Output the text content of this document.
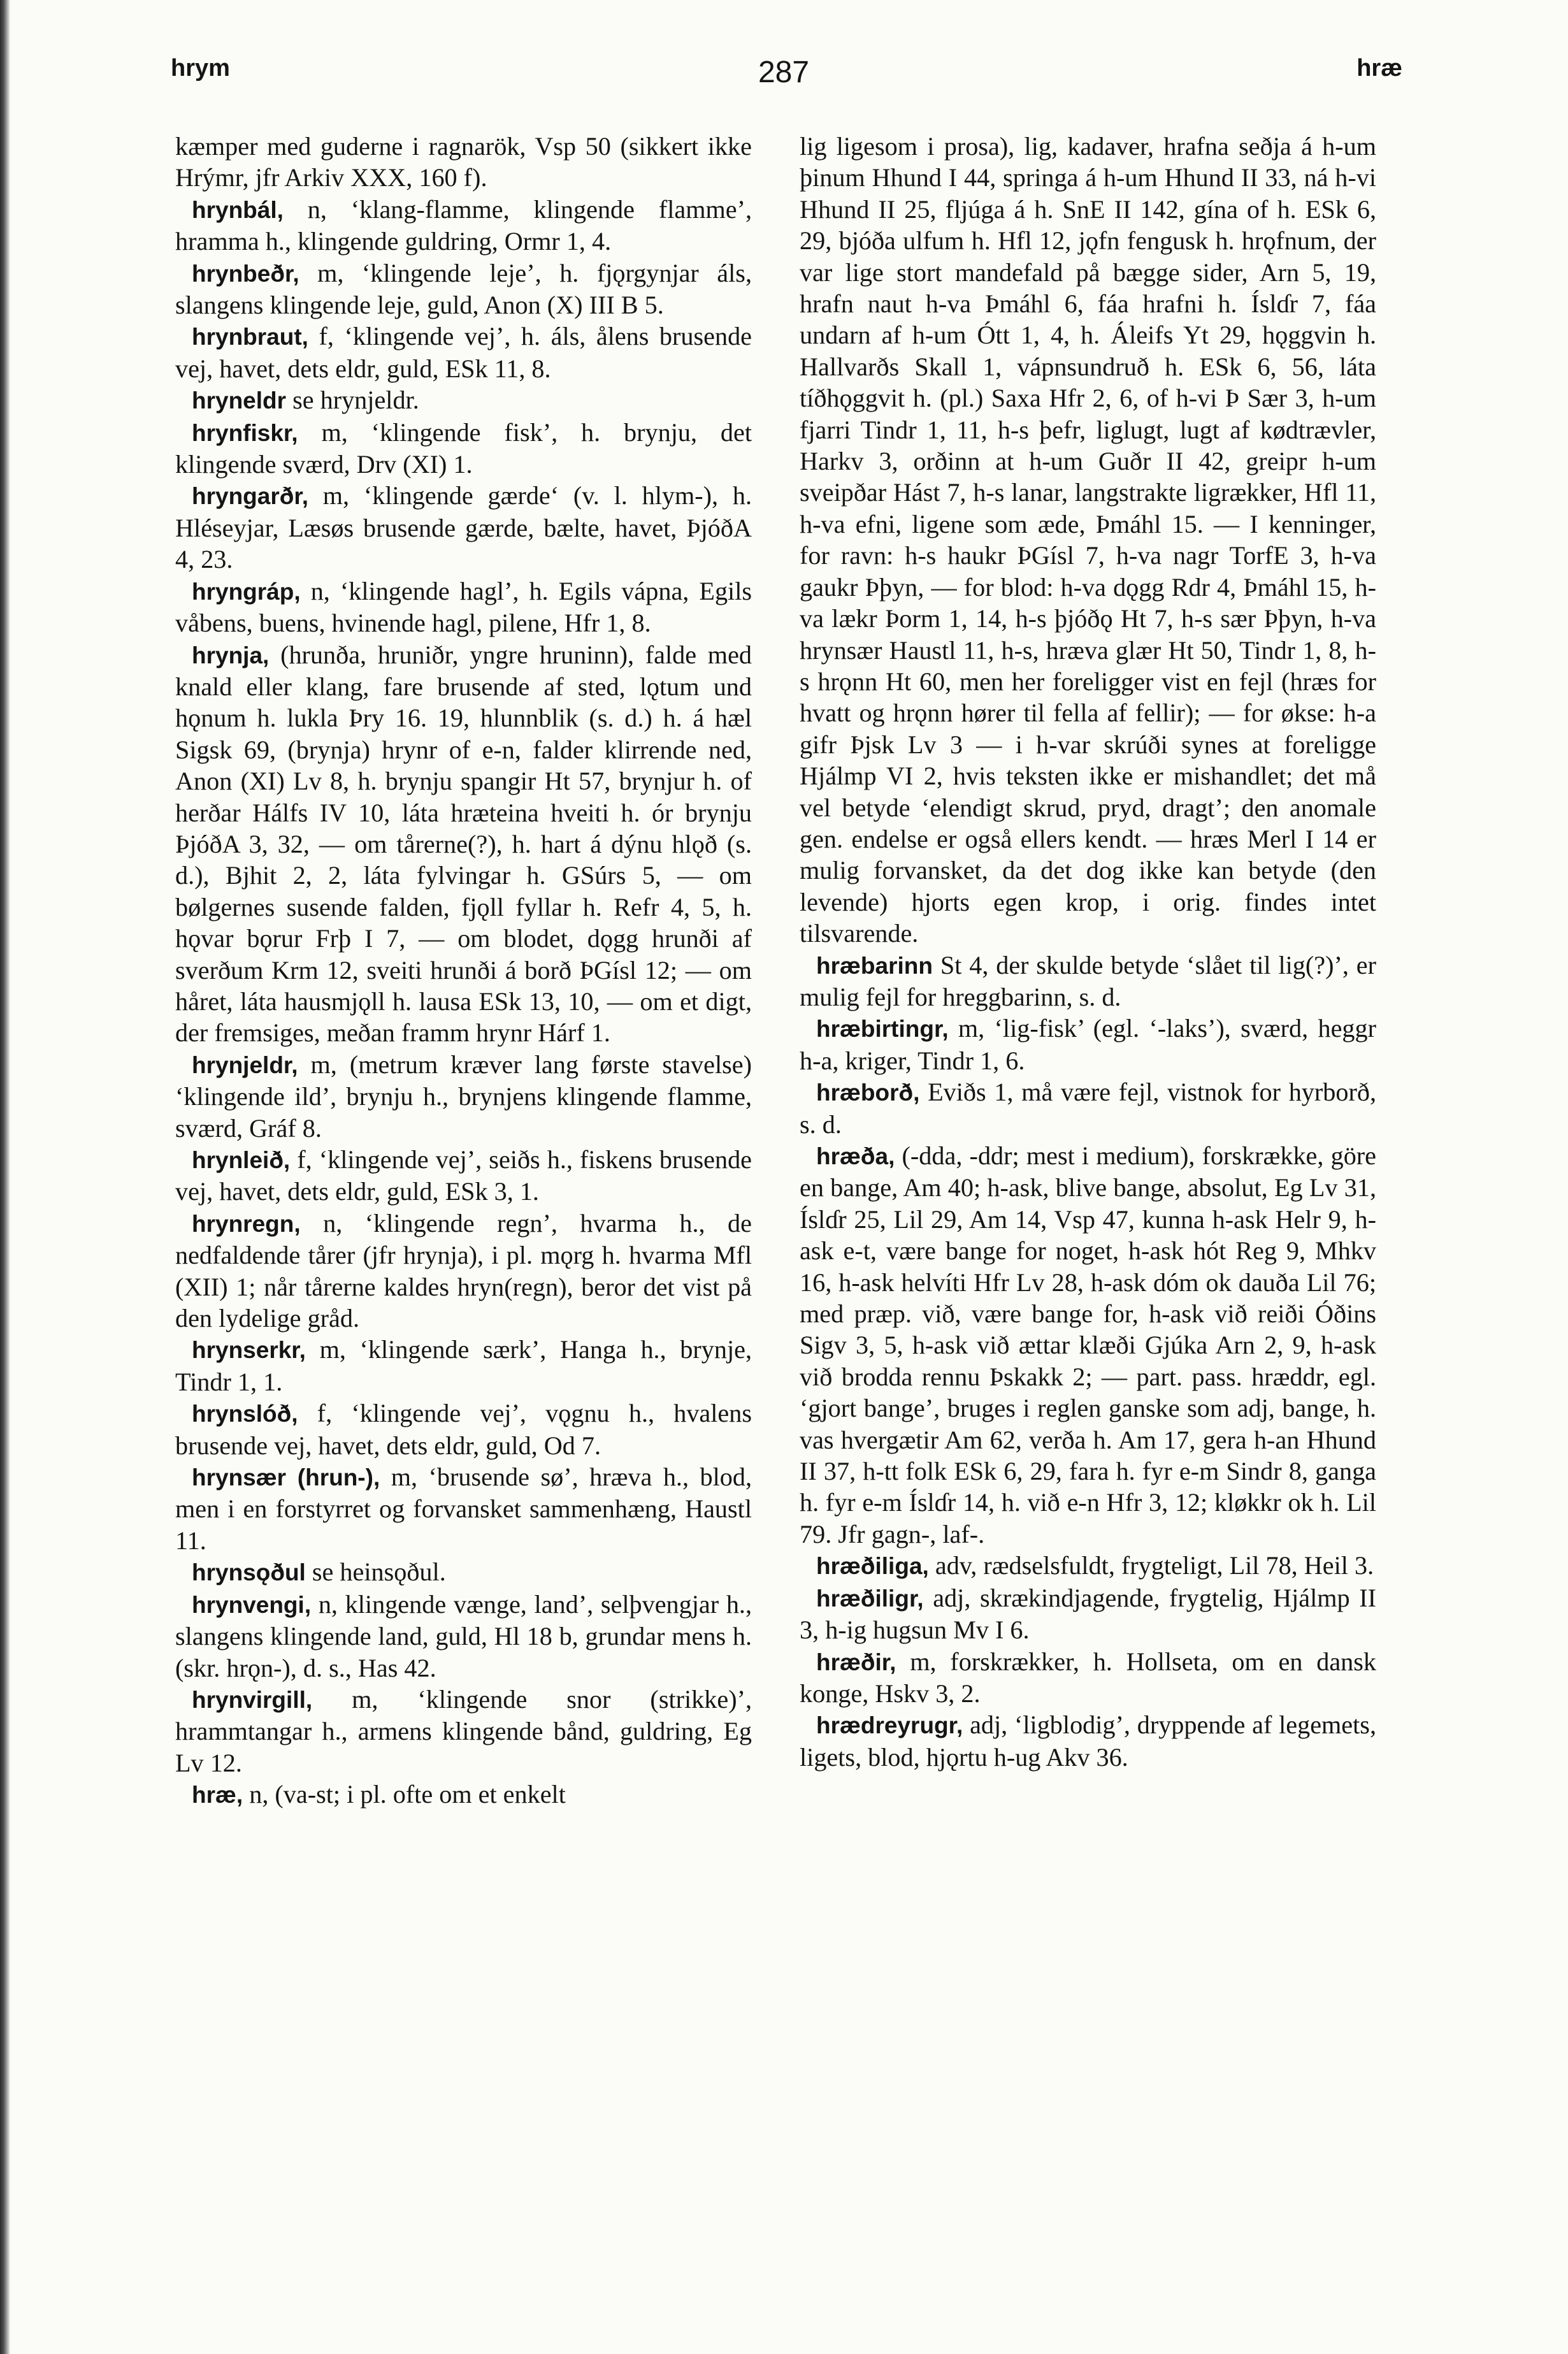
hrym	287	hræ

kæmper med guderne i ragnarök, Vsp 50 (sikkert ikke Hrýmr, jfr Arkiv XXX, 160 f).

hrynbál, n, ‘klang-flamme, klingende flamme’, hramma h., klingende guldring, Ormr 1, 4.

hrynbeðr, m, ‘klingende leje’, h. fjǫrgynjar áls, slangens klingende leje, guld, Anon (X) III B 5.

hrynbraut, f, ‘klingende vej’, h. áls, ålens brusende vej, havet, dets eldr, guld, ESk 11, 8.

hryneldr se hrynjeldr.

hrynfiskr, m, ‘klingende fisk’, h. brynju, det klingende sværd, Drv (XI) 1.

hryngarðr, m, ‘klingende gærde‘ (v. l. hlym-), h. Hléseyjar, Læsøs brusende gærde, bælte, havet, ÞjóðA 4, 23.

hryngráp, n, ‘klingende hagl’, h. Egils vápna, Egils våbens, buens, hvinende hagl, pilene, Hfr 1, 8.

hrynja, (hrunða, hruniðr, yngre hruninn), falde med knald eller klang, fare brusende af sted, lǫtum und hǫnum h. lukla Þry 16. 19, hlunnblik (s. d.) h. á hæl Sigsk 69, (brynja) hrynr of e-n, falder klirrende ned, Anon (XI) Lv 8, h. brynju spangir Ht 57, brynjur h. of herðar Hálfs IV 10, láta hræteina hveiti h. ór brynju ÞjóðA 3, 32, — om tårerne(?), h. hart á dýnu hlǫð (s. d.), Bjhit 2, 2, láta fylvingar h. GSúrs 5, — om bølgernes susende falden, fjǫll fyllar h. Refr 4, 5, h. hǫvar bǫrur Frþ I 7, — om blodet, dǫgg hrunði af sverðum Krm 12, sveiti hrunði á borð ÞGísl 12; — om håret, láta hausmjǫll h. lausa ESk 13, 10, — om et digt, der fremsiges, meðan framm hrynr Hárf 1.

hrynjeldr, m, (metrum kræver lang første stavelse) ‘klingende ild’, brynju h., brynjens klingende flamme, sværd, Gráf 8.

hrynleið, f, ‘klingende vej’, seiðs h., fiskens brusende vej, havet, dets eldr, guld, ESk 3, 1.

hrynregn, n, ‘klingende regn’, hvarma h., de nedfaldende tårer (jfr hrynja), i pl. mǫrg h. hvarma Mfl (XII) 1; når tårerne kaldes hryn(regn), beror det vist på den lydelige gråd.

hrynserkr, m, ‘klingende særk’, Hanga h., brynje, Tindr 1, 1.

hrynslóð, f, ‘klingende vej’, vǫgnu h., hvalens brusende vej, havet, dets eldr, guld, Od 7.

hrynsær (hrun-), m, ‘brusende sø’, hræva h., blod, men i en forstyrret og forvansket sammenhæng, Haustl 11.

hrynsǫðul se heinsǫðul.

hrynvengi, n, klingende vænge, land’, selþvengjar h., slangens klingende land, guld, Hl 18 b, grundar mens h. (skr. hrǫn-), d. s., Has 42.

hrynvirgill, m, ‘klingende snor (strikke)’, hrammtangar h., armens klingende bånd, guldring, Eg Lv 12.

hræ, n, (va-st; i pl. ofte om et enkelt

lig ligesom i prosa), lig, kadaver, hrafna seðja á h-um þinum Hhund I 44, springa á h-um Hhund II 33, ná h-vi Hhund II 25, fljúga á h. SnE II 142, gína of h. ESk 6, 29, bjóða ulfum h. Hfl 12, jǫfn fengusk h. hrǫfnum, der var lige stort mandefald på bægge sider, Arn 5, 19, hrafn naut h-va Þmáhl 6, fáa hrafni h. Íslɗr 7, fáa undarn af h-um Ótt 1, 4, h. Áleifs Yt 29, hǫggvin h. Hallvarðs Skall 1, vápnsundruð h. ESk 6, 56, láta tíðhǫggvit h. (pl.) Saxa Hfr 2, 6, of h-vi Þ Sær 3, h-um fjarri Tindr 1, 11, h-s þefr, liglugt, lugt af kødtrævler, Harkv 3, orðinn at h-um Guðr II 42, greipr h-um sveipðar Hást 7, h-s lanar, langstrakte ligrækker, Hfl 11, h-va efni, ligene som æde, Þmáhl 15. — I kenninger, for ravn: h-s haukr ÞGísl 7, h-va nagr TorfE 3, h-va gaukr Þþyn, — for blod: h-va dǫgg Rdr 4, Þmáhl 15, h-va lækr Þorm 1, 14, h-s þjóðǫ Ht 7, h-s sær Þþyn, h-va hrynsær Haustl 11, h-s, hræva glær Ht 50, Tindr 1, 8, h-s hrǫnn Ht 60, men her foreligger vist en fejl (hræs for hvatt og hrǫnn hører til fella af fellir); — for økse: h-a gifr Þjsk Lv 3 — i h-var skrúði synes at foreligge Hjálmp VI 2, hvis teksten ikke er mishandlet; det må vel betyde ‘elendigt skrud, pryd, dragt’; den anomale gen. endelse er også ellers kendt. — hræs Merl I 14 er mulig forvansket, da det dog ikke kan betyde (den levende) hjorts egen krop, i orig. findes intet tilsvarende.

hræbarinn St 4, der skulde betyde ‘slået til lig(?)’, er mulig fejl for hreggbarinn, s. d.

hræbirtingr, m, ‘lig-fisk’ (egl. ‘-laks’), sværd, heggr h-a, kriger, Tindr 1, 6.

hræborð, Eviðs 1, må være fejl, vistnok for hyrborð, s. d.

hræða, (-dda, -ddr; mest i medium), forskrække, göre en bange, Am 40; h-ask, blive bange, absolut, Eg Lv 31, Íslɗr 25, Lil 29, Am 14, Vsp 47, kunna h-ask Helr 9, h-ask e-t, være bange for noget, h-ask hót Reg 9, Mhkv 16, h-ask helvíti Hfr Lv 28, h-ask dóm ok dauða Lil 76; med præp. við, være bange for, h-ask við reiði Óðins Sigv 3, 5, h-ask við ættar klæði Gjúka Arn 2, 9, h-ask við brodda rennu Þskakk 2; — part. pass. hræddr, egl. ‘gjort bange’, bruges i reglen ganske som adj, bange, h. vas hvergætir Am 62, verða h. Am 17, gera h-an Hhund II 37, h-tt folk ESk 6, 29, fara h. fyr e-m Sindr 8, ganga h. fyr e-m Íslɗr 14, h. við e-n Hfr 3, 12; kløkkr ok h. Lil 79. Jfr gagn-, laf-.

hræðiliga, adv, rædselsfuldt, frygteligt, Lil 78, Heil 3.

hræðiligr, adj, skrækindjagende, frygtelig, Hjálmp II 3, h-ig hugsun Mv I 6.

hræðir, m, forskrækker, h. Hollseta, om en dansk konge, Hskv 3, 2.

hrædreyrugr, adj, ‘ligblodig’, dryppende af legemets, ligets, blod, hjǫrtu h-ug Akv 36.
